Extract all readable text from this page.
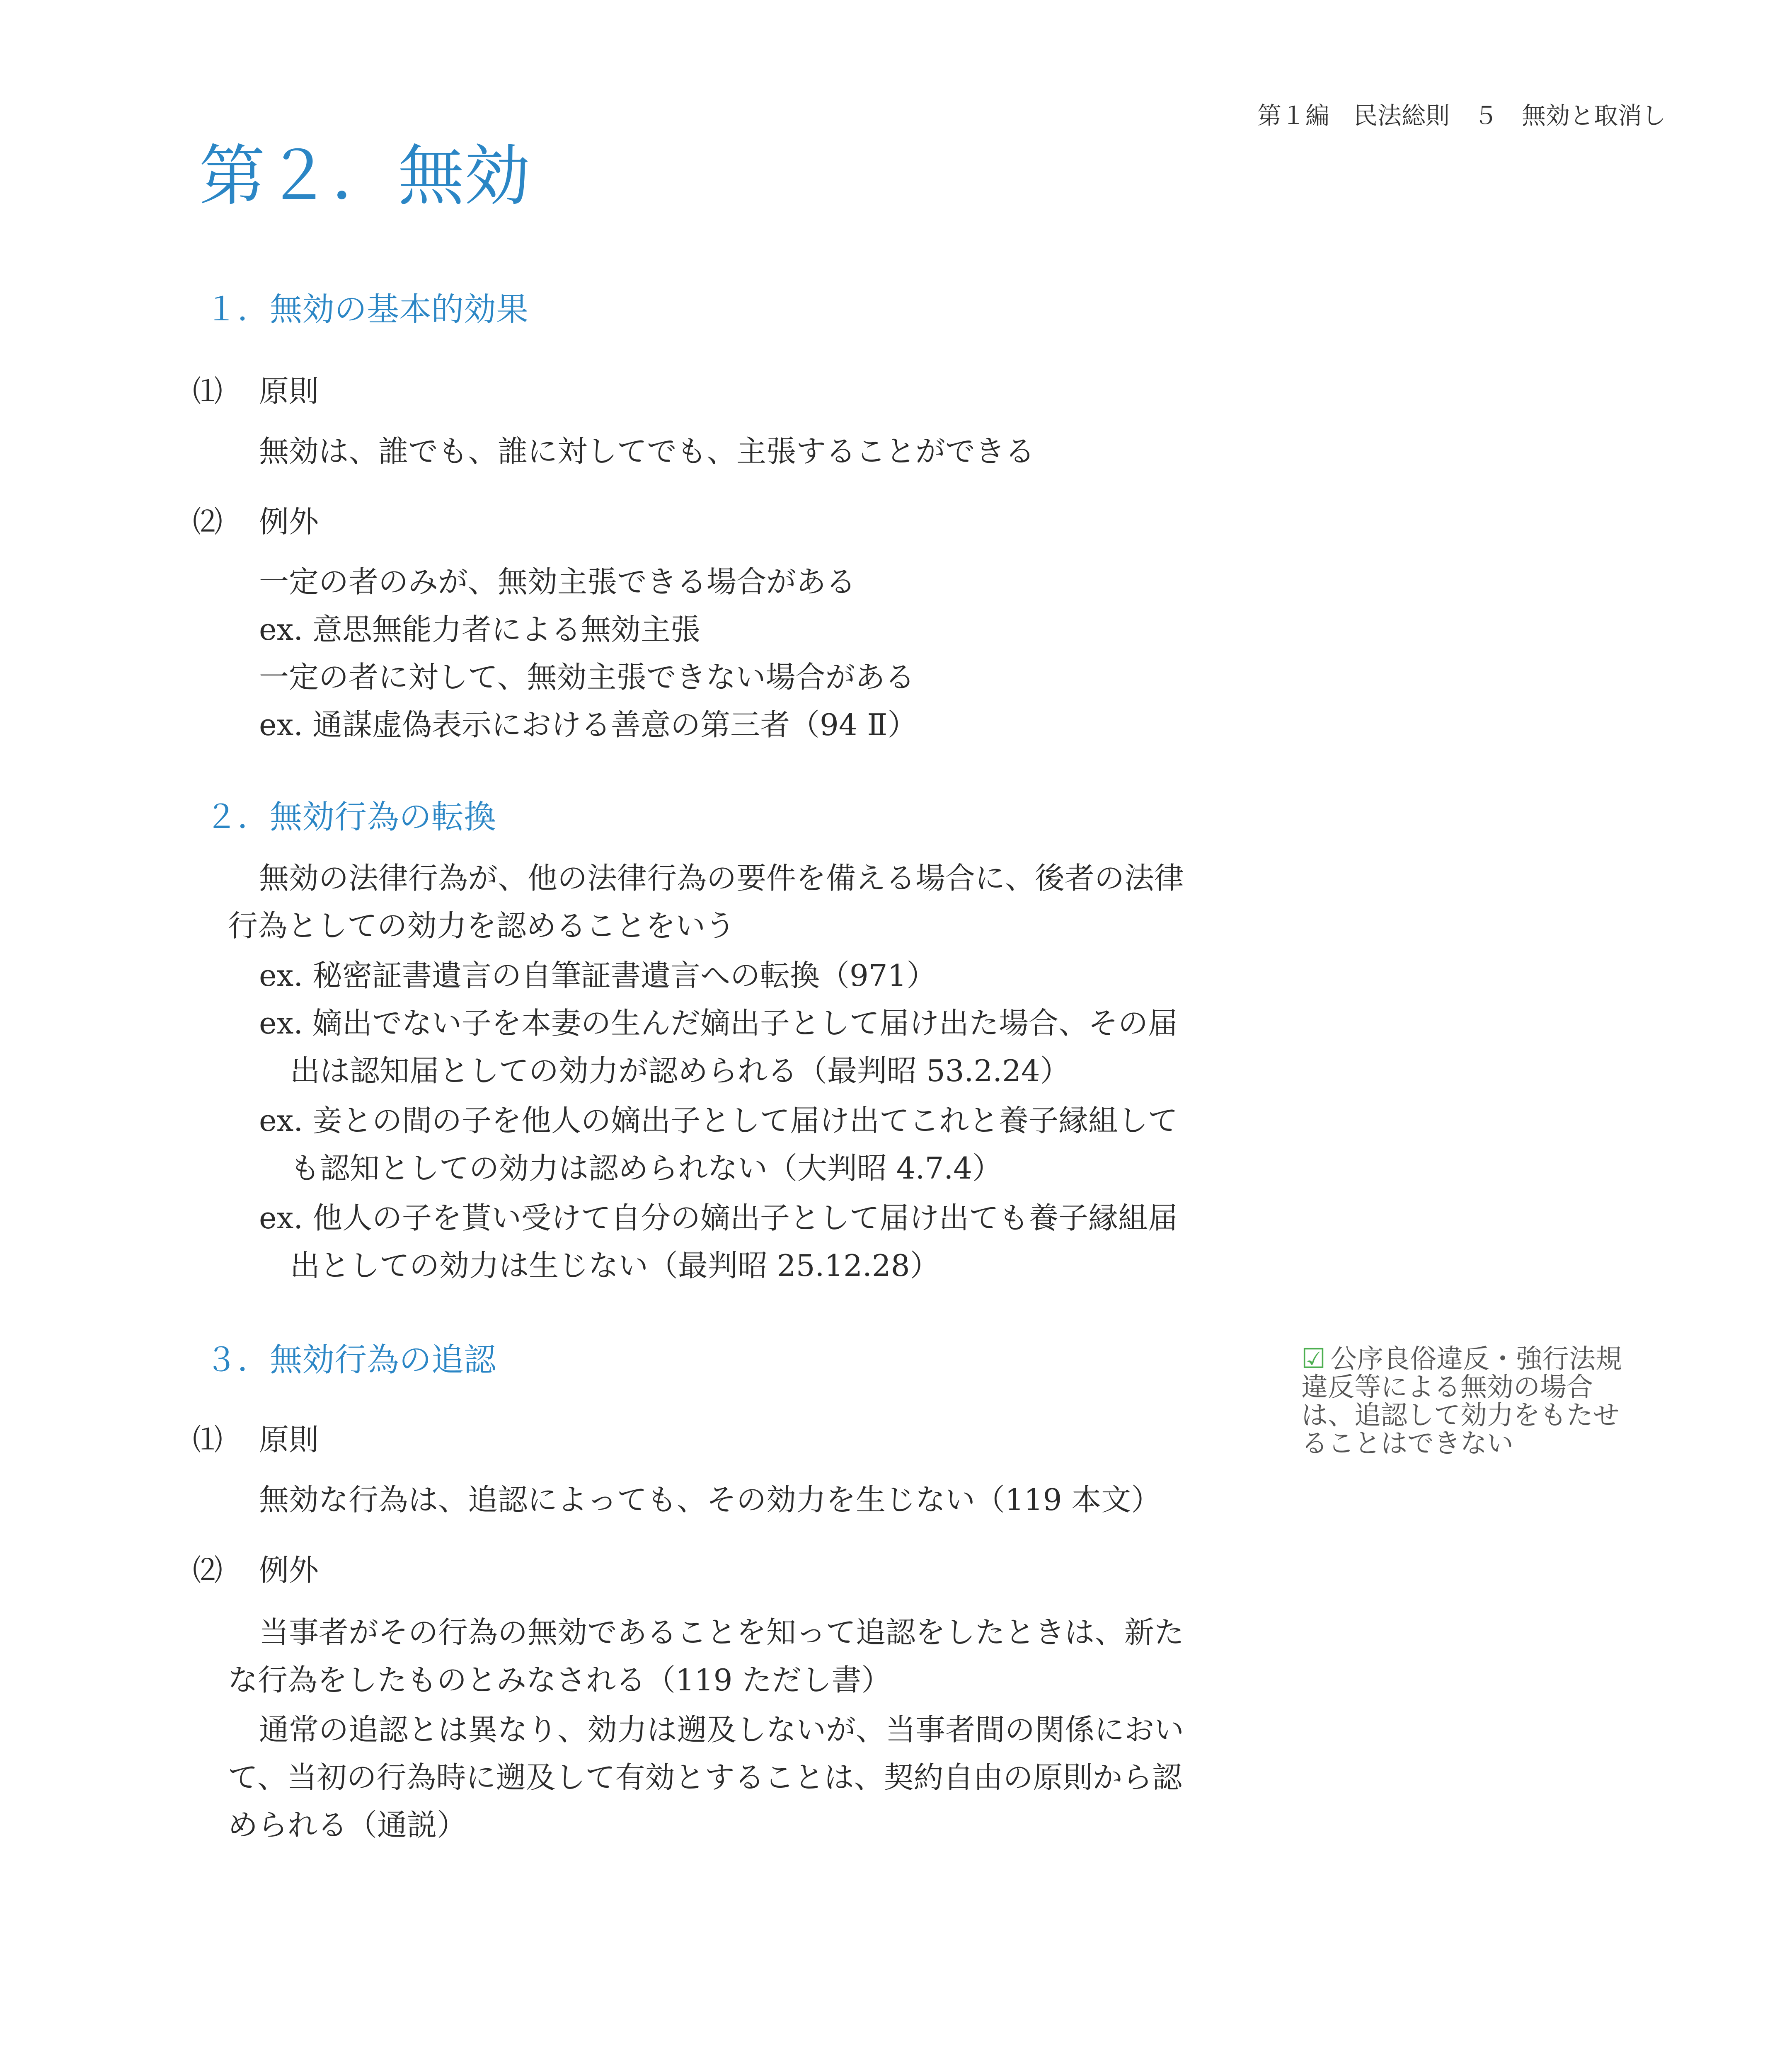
第１編　民法総則　５　無効と取消し
第２．無効
１．無効の基本的効果
⑴ 原則
無効は、誰でも、誰に対してでも、主張することができる
⑵ 例外
一定の者のみが、無効主張できる場合がある
ex. 意思無能力者による無効主張
一定の者に対して、無効主張できない場合がある
ex. 通謀虚偽表示における善意の第三者（94 Ⅱ）
２．無効行為の転換
無効の法律行為が、他の法律行為の要件を備える場合に、後者の法律
行為としての効力を認めることをいう
ex. 秘密証書遺言の自筆証書遺言への転換（971）
ex. 嫡出でない子を本妻の生んだ嫡出子として届け出た場合、その届
出は認知届としての効力が認められる（最判昭 53.2.24）
ex. 妾との間の子を他人の嫡出子として届け出てこれと養子縁組して
も認知としての効力は認められない（大判昭 4.7.4）
ex. 他人の子を貰い受けて自分の嫡出子として届け出ても養子縁組届
出としての効力は生じない（最判昭 25.12.28）
３．無効行為の追認
⑴ 原則
無効な行為は、追認によっても、その効力を生じない（119 本文）
⑵ 例外
当事者がその行為の無効であることを知って追認をしたときは、新た
な行為をしたものとみなされる（119 ただし書）
通常の追認とは異なり、効力は遡及しないが、当事者間の関係におい
て、当初の行為時に遡及して有効とすることは、契約自由の原則から認
められる（通説）
☑ 公序良俗違反・強行法規
違反等による無効の場合
は、追認して効力をもたせ
ることはできない
